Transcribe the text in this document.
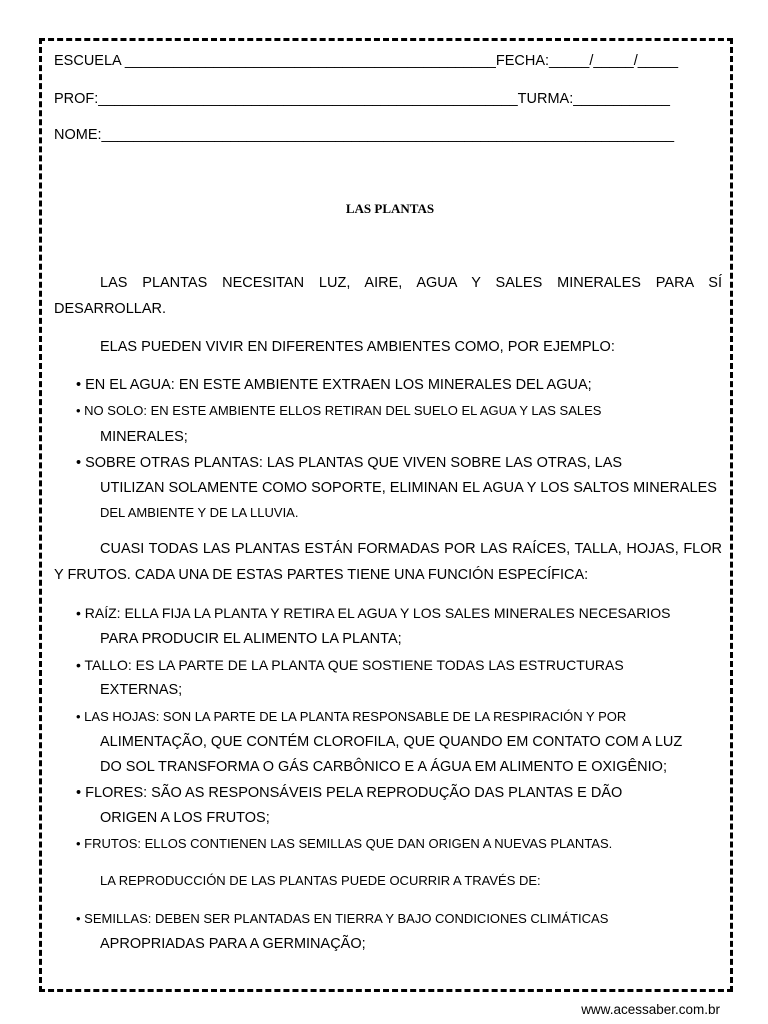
ESCUELA ______________________________________________FECHA:_____/_____/_____
PROF:____________________________________________________TURMA:____________
NOME:_______________________________________________________________________
LAS PLANTAS
LAS PLANTAS NECESITAN LUZ, AIRE, AGUA Y SALES MINERALES PARA SÍ DESARROLLAR.
ELAS PUEDEN VIVIR EN DIFERENTES AMBIENTES COMO, POR EJEMPLO:
• EN EL AGUA: EN ESTE AMBIENTE EXTRAEN LOS MINERALES DEL AGUA;
• NO SOLO: EN ESTE AMBIENTE ELLOS RETIRAN DEL SUELO EL AGUA Y LAS SALES
MINERALES;
• SOBRE OTRAS PLANTAS: LAS PLANTAS QUE VIVEN SOBRE LAS OTRAS, LAS
UTILIZAN SOLAMENTE COMO SOPORTE, ELIMINAN EL AGUA Y LOS SALTOS MINERALES
DEL AMBIENTE Y DE LA LLUVIA.
CUASI TODAS LAS PLANTAS ESTÁN FORMADAS POR LAS RAÍCES, TALLA, HOJAS, FLOR Y FRUTOS. CADA UNA DE ESTAS PARTES TIENE UNA FUNCIÓN ESPECÍFICA:
• RAÍZ: ELLA FIJA LA PLANTA Y RETIRA EL AGUA Y LOS SALES MINERALES NECESARIOS
PARA PRODUCIR EL ALIMENTO LA PLANTA;
• TALLO: ES LA PARTE DE LA PLANTA QUE SOSTIENE TODAS LAS ESTRUCTURAS
EXTERNAS;
• LAS HOJAS: SON LA PARTE DE LA PLANTA RESPONSABLE DE LA RESPIRACIÓN Y POR
ALIMENTAÇÃO, QUE CONTÉM CLOROFILA, QUE QUANDO EM CONTATO COM A LUZ
DO SOL TRANSFORMA O GÁS CARBÔNICO E A ÁGUA EM ALIMENTO E OXIGÊNIO;
• FLORES: SÃO AS RESPONSÁVEIS PELA REPRODUÇÃO DAS PLANTAS E DÃO
ORIGEN A LOS FRUTOS;
• FRUTOS: ELLOS CONTIENEN LAS SEMILLAS QUE DAN ORIGEN A NUEVAS PLANTAS.
LA REPRODUCCIÓN DE LAS PLANTAS PUEDE OCURRIR A TRAVÉS DE:
• SEMILLAS: DEBEN SER PLANTADAS EN TIERRA Y BAJO CONDICIONES CLIMÁTICAS
APROPRIADAS PARA A GERMINAÇÃO;
www.acessaber.com.br
